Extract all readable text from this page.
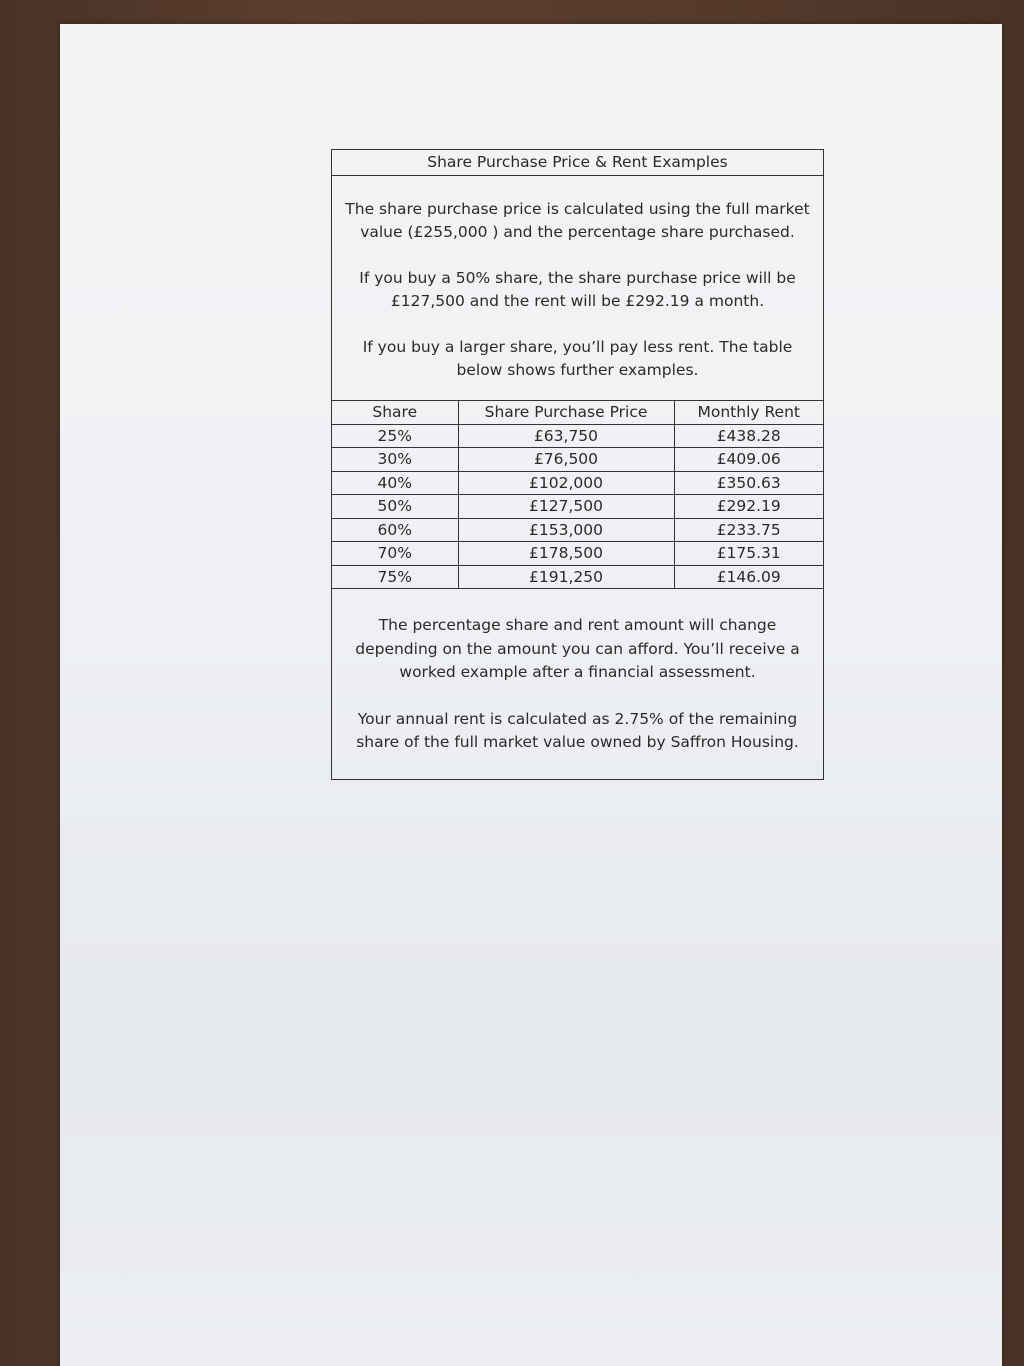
Share Purchase Price & Rent Examples

The share purchase price is calculated using the full market value (£255,000 ) and the percentage share purchased.

If you buy a 50% share, the share purchase price will be £127,500 and the rent will be £292.19 a month.

If you buy a larger share, you’ll pay less rent. The table below shows further examples.

Share	Share Purchase Price	Monthly Rent
25%	£63,750	£438.28
30%	£76,500	£409.06
40%	£102,000	£350.63
50%	£127,500	£292.19
60%	£153,000	£233.75
70%	£178,500	£175.31
75%	£191,250	£146.09

The percentage share and rent amount will change depending on the amount you can afford. You’ll receive a worked example after a financial assessment.

Your annual rent is calculated as 2.75% of the remaining share of the full market value owned by Saffron Housing.
